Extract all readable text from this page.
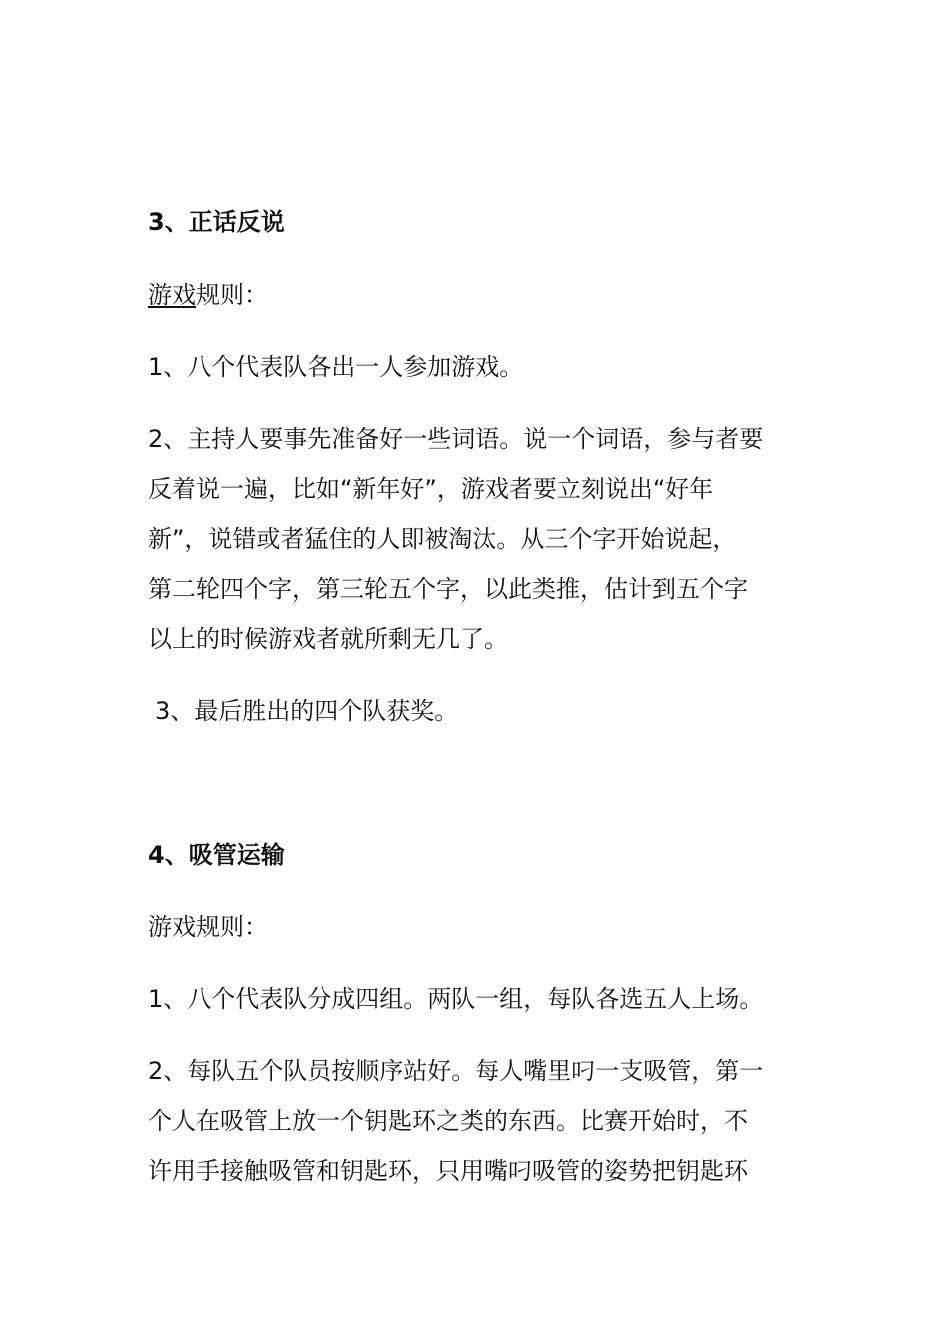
3、正话反说

游戏规则：

1、八个代表队各出一人参加游戏。

2、主持人要事先准备好一些词语。说一个词语，参与者要

反着说一遍，比如“新年好”，游戏者要立刻说出“好年

新”，说错或者猛住的人即被淘汰。从三个字开始说起，

第二轮四个字，第三轮五个字，以此类推，估计到五个字

以上的时候游戏者就所剩无几了。

3、最后胜出的四个队获奖。

4、吸管运输

游戏规则：

1、八个代表队分成四组。两队一组，每队各选五人上场。

2、每队五个队员按顺序站好。每人嘴里叼一支吸管，第一

个人在吸管上放一个钥匙环之类的东西。比赛开始时，不

许用手接触吸管和钥匙环，只用嘴叼吸管的姿势把钥匙环
